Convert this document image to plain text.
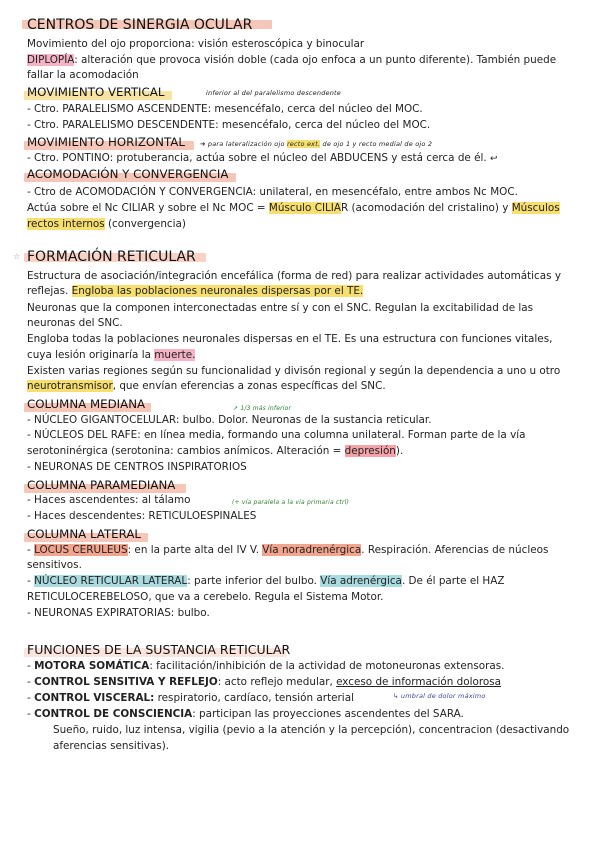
CENTROS DE SINERGIA OCULAR
Movimiento del ojo proporciona: visión esteroscópica y binocular
DIPLOPÍA: alteración que provoca visión doble (cada ojo enfoca a un punto diferente). También puede
fallar la acomodación
MOVIMIENTO VERTICAL	inferior al del paralelismo descendente
- Ctro. PARALELISMO ASCENDENTE: mesencéfalo, cerca del núcleo del MOC.
- Ctro. PARALELISMO DESCENDENTE: mesencéfalo, cerca del núcleo del MOC.
MOVIMIENTO HORIZONTAL ➔ para lateralización ojo recto ext. de ojo 1 y recto medial de ojo 2
- Ctro. PONTINO: protuberancia, actúa sobre el núcleo del ABDUCENS y está cerca de él. ↩
ACOMODACIÓN Y CONVERGENCIA
- Ctro de ACOMODACIÓN Y CONVERGENCIA: unilateral, en mesencéfalo, entre ambos Nc MOC.
Actúa sobre el Nc CILIAR y sobre el Nc MOC = Músculo CILIAR (acomodación del cristalino) y Músculos
rectos internos (convergencia)
☆ FORMACIÓN RETICULAR
Estructura de asociación/integración encefálica (forma de red) para realizar actividades automáticas y
reflejas. Engloba las poblaciones neuronales dispersas por el TE.
Neuronas que la componen interconectadas entre sí y con el SNC. Regulan la excitabilidad de las
neuronas del SNC.
Engloba todas la poblaciones neuronales dispersas en el TE. Es una estructura con funciones vitales,
cuya lesión originaría la muerte.
Existen varias regiones según su funcionalidad y divisón regional y según la dependencia a uno u otro
neurotransmisor, que envían eferencias a zonas específicas del SNC.
COLUMNA MEDIANA	↗ 1/3 más inferior
- NÚCLEO GIGANTOCELULAR: bulbo. Dolor. Neuronas de la sustancia reticular.
- NÚCLEOS DEL RAFE: en línea media, formando una columna unilateral. Forman parte de la vía
serotoninérgica (serotonina: cambios anímicos. Alteración = depresión).
- NEURONAS DE CENTROS INSPIRATORIOS
COLUMNA PARAMEDIANA
- Haces ascendentes: al tálamo	(+ vía paralela a la vía primaria ctrl)
- Haces descendentes: RETICULOESPINALES
COLUMNA LATERAL
- LOCUS CERULEUS: en la parte alta del IV V. Vía noradrenérgica. Respiración. Aferencias de núcleos
sensitivos.
- NÚCLEO RETICULAR LATERAL: parte inferior del bulbo. Vía adrenérgica. De él parte el HAZ
RETICULOCEREBELOSO, que va a cerebelo. Regula el Sistema Motor.
- NEURONAS EXPIRATORIAS: bulbo.
FUNCIONES DE LA SUSTANCIA RETICULAR
- MOTORA SOMÁTICA: facilitación/inhibición de la actividad de motoneuronas extensoras.
- CONTROL SENSITIVA Y REFLEJO: acto reflejo medular, exceso de información dolorosa
- CONTROL VISCERAL: respiratorio, cardíaco, tensión arterial	↳ umbral de dolor máximo
- CONTROL DE CONSCIENCIA: participan las proyecciones ascendentes del SARA.
Sueño, ruido, luz intensa, vigilia (pevio a la atención y la percepción), concentracion (desactivando
aferencias sensitivas).
